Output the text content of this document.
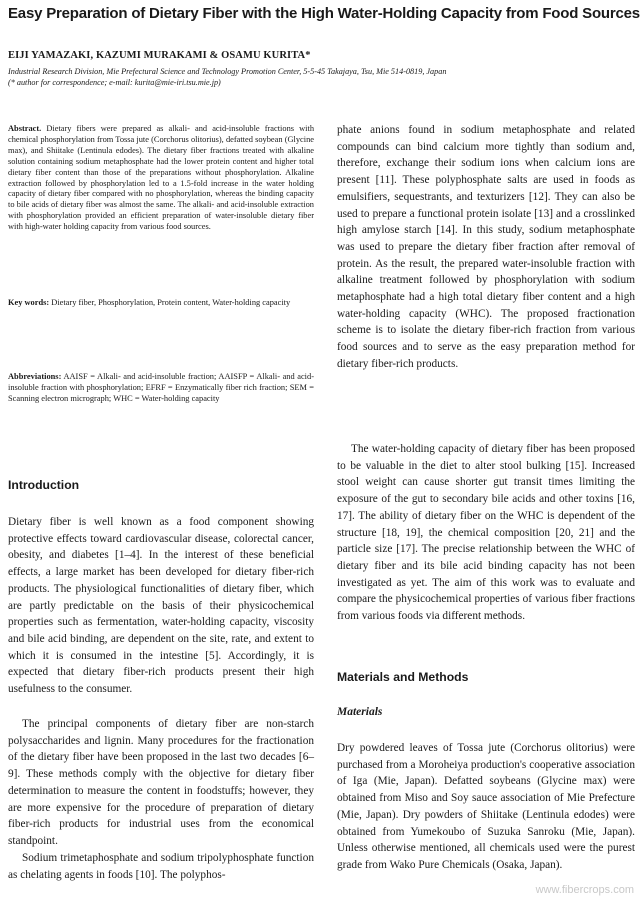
Easy Preparation of Dietary Fiber with the High Water-Holding Capacity from Food Sources
EIJI YAMAZAKI, KAZUMI MURAKAMI & OSAMU KURITA*
Industrial Research Division, Mie Prefectural Science and Technology Promotion Center, 5-5-45 Takajaya, Tsu, Mie 514-0819, Japan
(* author for correspondence; e-mail: kurita@mie-iri.tsu.mie.jp)
Abstract. Dietary fibers were prepared as alkali- and acid-insoluble fractions with chemical phosphorylation from Tossa jute (Corchorus olitorius), defatted soybean (Glycine max), and Shiitake (Lentinula edodes). The dietary fiber fractions treated with alkaline solution containing sodium metaphosphate had the lower protein content and higher total dietary fiber content than those of the preparations without phosphorylation. Alkaline extraction followed by phosphorylation led to a 1.5-fold increase in the water holding capacity of dietary fiber compared with no phosphorylation, whereas the binding capacity to bile acids of dietary fiber was almost the same. The alkali- and acid-insoluble extraction with phosphorylation provided an efficient preparation of water-insoluble dietary fiber with high-water holding capacity from various food sources.
Key words: Dietary fiber, Phosphorylation, Protein content, Water-holding capacity
Abbreviations: AAISF = Alkali- and acid-insoluble fraction; AAISFP = Alkali- and acid-insoluble fraction with phosphorylation; EFRF = Enzymatically fiber rich fraction; SEM = Scanning electron micrograph; WHC = Water-holding capacity
Introduction
Dietary fiber is well known as a food component showing protective effects toward cardiovascular disease, colorectal cancer, obesity, and diabetes [1–4]. In the interest of these beneficial effects, a large market has been developed for dietary fiber-rich products. The physiological functionalities of dietary fiber, which are partly predictable on the basis of their physicochemical properties such as fermentation, water-holding capacity, viscosity and bile acid binding, are dependent on the site, rate, and extent to which it is consumed in the intestine [5]. Accordingly, it is expected that dietary fiber-rich products present their high usefulness to the consumer.
The principal components of dietary fiber are non-starch polysaccharides and lignin. Many procedures for the fractionation of the dietary fiber have been proposed in the last two decades [6–9]. These methods comply with the objective for dietary fiber determination to measure the content in foodstuffs; however, they are more expensive for the procedure of preparation of dietary fiber-rich products for industrial uses from the economical standpoint.
Sodium trimetaphosphate and sodium tripolyphosphate function as chelating agents in foods [10]. The polyphos-
phate anions found in sodium metaphosphate and related compounds can bind calcium more tightly than sodium and, therefore, exchange their sodium ions when calcium ions are present [11]. These polyphosphate salts are used in foods as emulsifiers, sequestrants, and texturizers [12]. They can also be used to prepare a functional protein isolate [13] and a crosslinked high amylose starch [14]. In this study, sodium metaphosphate was used to prepare the dietary fiber fraction after removal of protein. As the result, the prepared water-insoluble fraction with alkaline treatment followed by phosphorylation with sodium metaphosphate had a high total dietary fiber content and a high water-holding capacity (WHC). The proposed fractionation scheme is to isolate the dietary fiber-rich fraction from various food sources and to serve as the easy preparation method for dietary fiber-rich products.
The water-holding capacity of dietary fiber has been proposed to be valuable in the diet to alter stool bulking [15]. Increased stool weight can cause shorter gut transit times limiting the exposure of the gut to secondary bile acids and other toxins [16, 17]. The ability of dietary fiber on the WHC is dependent of the structure [18, 19], the chemical composition [20, 21] and the particle size [17]. The precise relationship between the WHC of dietary fiber and its bile acid binding capacity has not been investigated as yet. The aim of this work was to evaluate and compare the physicochemical properties of various fiber fractions from various foods via different methods.
Materials and Methods
Materials
Dry powdered leaves of Tossa jute (Corchorus olitorius) were purchased from a Moroheiya production's cooperative association of Iga (Mie, Japan). Defatted soybeans (Glycine max) were obtained from Miso and Soy sauce association of Mie Prefecture (Mie, Japan). Dry powders of Shiitake (Lentinula edodes) were obtained from Yumekoubo of Suzuka Sanroku (Mie, Japan). Unless otherwise mentioned, all chemicals used were the purest grade from Wako Pure Chemicals (Osaka, Japan).
www.fibercrops.com
